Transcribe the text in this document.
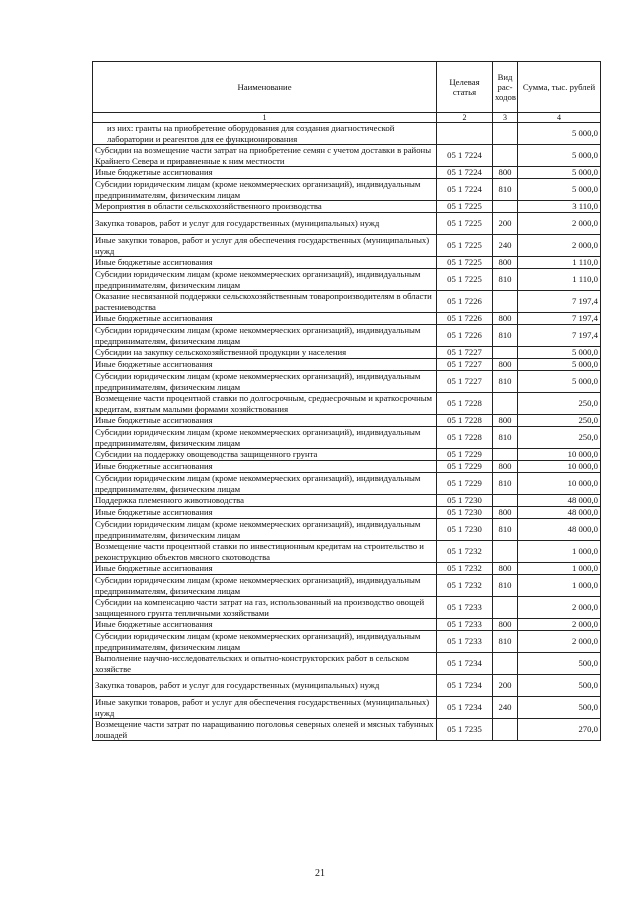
Наименование	Целевая статья	Вид рас-ходов	Сумма, тыс. рублей
1	2	3	4
из них: гранты на приобретение оборудования для создания диагностической лаборатории и реагентов для ее функционирования			5 000,0
Субсидии на возмещение части затрат на приобретение семян с учетом доставки в районы Крайнего Севера и приравненные к ним местности	05 1 7224		5 000,0
Иные бюджетные ассигнования	05 1 7224	800	5 000,0
Субсидии юридическим лицам (кроме некоммерческих организаций), индивидуальным предпринимателям, физическим лицам	05 1 7224	810	5 000,0
Мероприятия в области сельскохозяйственного производства	05 1 7225		3 110,0
Закупка товаров, работ и услуг для государственных (муниципальных) нужд	05 1 7225	200	2 000,0
Иные закупки товаров, работ и услуг для обеспечения государственных (муниципальных) нужд	05 1 7225	240	2 000,0
Иные бюджетные ассигнования	05 1 7225	800	1 110,0
Субсидии юридическим лицам (кроме некоммерческих организаций), индивидуальным предпринимателям, физическим лицам	05 1 7225	810	1 110,0
Оказание несвязанной поддержки сельскохозяйственным товаропроизводителям в области растениеводства	05 1 7226		7 197,4
Иные бюджетные ассигнования	05 1 7226	800	7 197,4
Субсидии юридическим лицам (кроме некоммерческих организаций), индивидуальным предпринимателям, физическим лицам	05 1 7226	810	7 197,4
Субсидии на закупку сельскохозяйственной продукции у населения	05 1 7227		5 000,0
Иные бюджетные ассигнования	05 1 7227	800	5 000,0
Субсидии юридическим лицам (кроме некоммерческих организаций), индивидуальным предпринимателям, физическим лицам	05 1 7227	810	5 000,0
Возмещение части процентной ставки по долгосрочным, среднесрочным и краткосрочным кредитам, взятым малыми формами хозяйствования	05 1 7228		250,0
Иные бюджетные ассигнования	05 1 7228	800	250,0
Субсидии юридическим лицам (кроме некоммерческих организаций), индивидуальным предпринимателям, физическим лицам	05 1 7228	810	250,0
Субсидии на поддержку овощеводства защищенного грунта	05 1 7229		10 000,0
Иные бюджетные ассигнования	05 1 7229	800	10 000,0
Субсидии юридическим лицам (кроме некоммерческих организаций), индивидуальным предпринимателям, физическим лицам	05 1 7229	810	10 000,0
Поддержка племенного животноводства	05 1 7230		48 000,0
Иные бюджетные ассигнования	05 1 7230	800	48 000,0
Субсидии юридическим лицам (кроме некоммерческих организаций), индивидуальным предпринимателям, физическим лицам	05 1 7230	810	48 000,0
Возмещение части процентной ставки по инвестиционным кредитам на строительство и реконструкцию объектов мясного скотоводства	05 1 7232		1 000,0
Иные бюджетные ассигнования	05 1 7232	800	1 000,0
Субсидии юридическим лицам (кроме некоммерческих организаций), индивидуальным предпринимателям, физическим лицам	05 1 7232	810	1 000,0
Субсидии на компенсацию части затрат на газ, использованный на производство овощей защищенного грунта тепличными хозяйствами	05 1 7233		2 000,0
Иные бюджетные ассигнования	05 1 7233	800	2 000,0
Субсидии юридическим лицам (кроме некоммерческих организаций), индивидуальным предпринимателям, физическим лицам	05 1 7233	810	2 000,0
Выполнение научно-исследовательских и опытно-конструкторских работ в сельском хозяйстве	05 1 7234		500,0
Закупка товаров, работ и услуг для государственных (муниципальных) нужд	05 1 7234	200	500,0
Иные закупки товаров, работ и услуг для обеспечения государственных (муниципальных) нужд	05 1 7234	240	500,0
Возмещение части затрат по наращиванию поголовья северных оленей и мясных табунных лошадей	05 1 7235		270,0
21
